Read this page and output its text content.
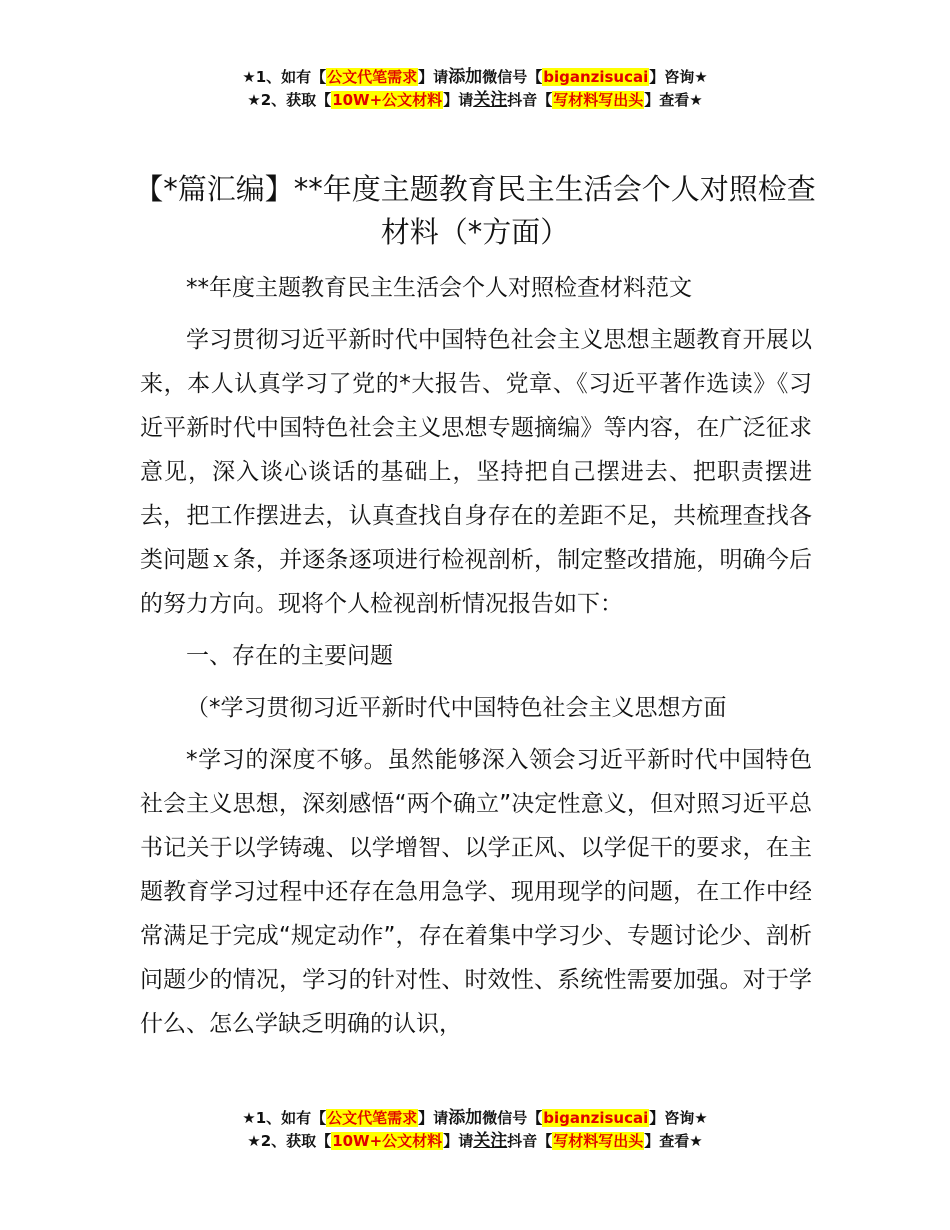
★1、如有【公文代笔需求】请添加微信号【biganzisucai】咨询★
★2、获取【10W+公文材料】请关注抖音【写材料写出头】查看★
【*篇汇编】**年度主题教育民主生活会个人对照检查材料（*方面）

**年度主题教育民主生活会个人对照检查材料范文

学习贯彻习近平新时代中国特色社会主义思想主题教育开展以来，本人认真学习了党的*大报告、党章、《习近平著作选读》《习近平新时代中国特色社会主义思想专题摘编》等内容，在广泛征求意见，深入谈心谈话的基础上，坚持把自己摆进去、把职责摆进去，把工作摆进去，认真查找自身存在的差距不足，共梳理查找各类问题ｘ条，并逐条逐项进行检视剖析，制定整改措施，明确今后的努力方向。现将个人检视剖析情况报告如下：

一、存在的主要问题

（*学习贯彻习近平新时代中国特色社会主义思想方面

*学习的深度不够。虽然能够深入领会习近平新时代中国特色社会主义思想，深刻感悟“两个确立”决定性意义，但对照习近平总书记关于以学铸魂、以学增智、以学正风、以学促干的要求，在主题教育学习过程中还存在急用急学、现用现学的问题，在工作中经常满足于完成“规定动作”，存在着集中学习少、专题讨论少、剖析问题少的情况，学习的针对性、时效性、系统性需要加强。对于学什么、怎么学缺乏明确的认识，

★1、如有【公文代笔需求】请添加微信号【biganzisucai】咨询★
★2、获取【10W+公文材料】请关注抖音【写材料写出头】查看★
